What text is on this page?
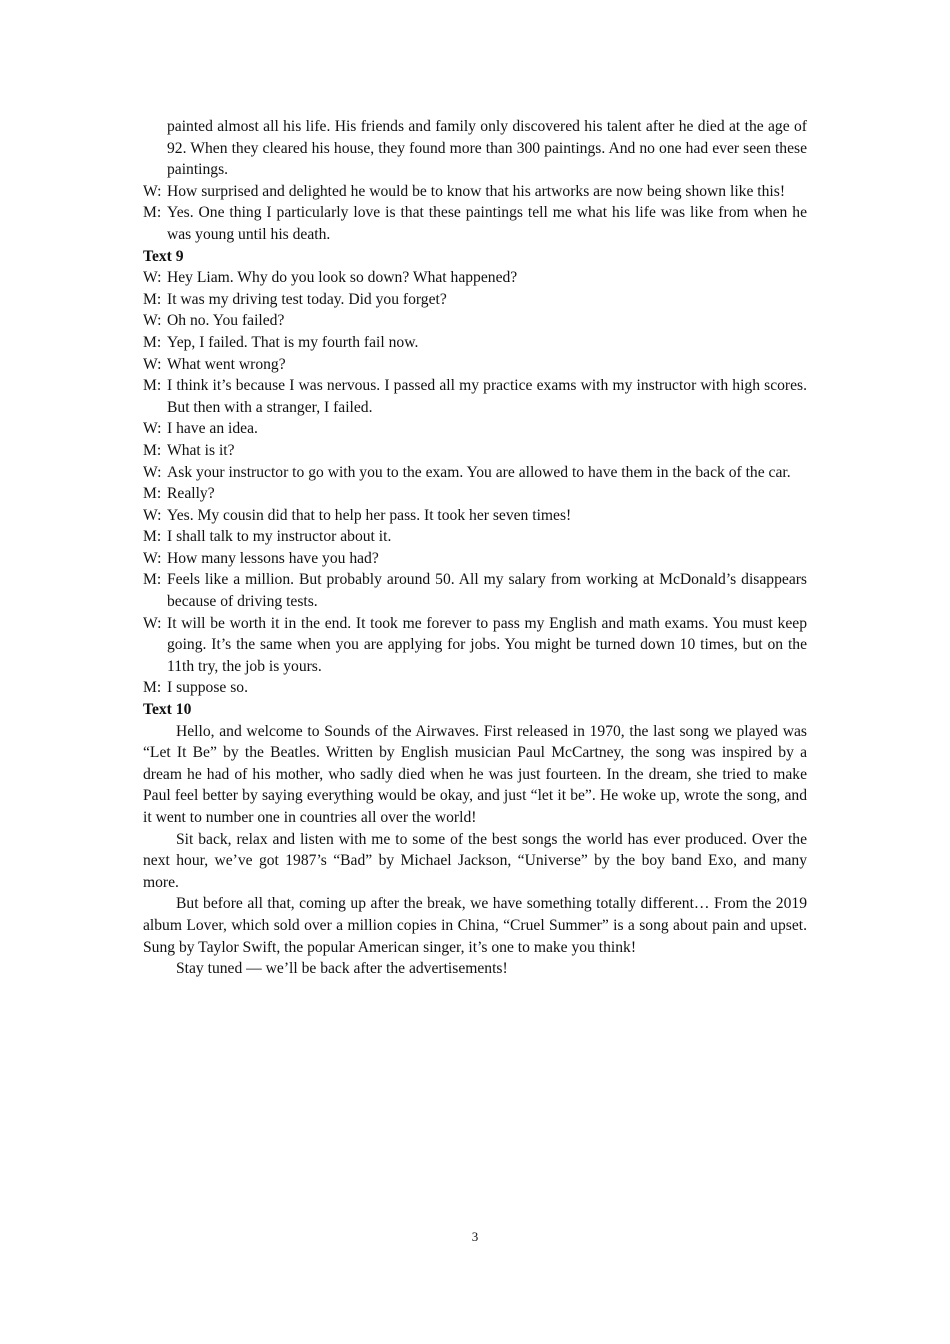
painted almost all his life. His friends and family only discovered his talent after he died at the age of 92. When they cleared his house, they found more than 300 paintings. And no one had ever seen these paintings.
W: How surprised and delighted he would be to know that his artworks are now being shown like this!
M: Yes. One thing I particularly love is that these paintings tell me what his life was like from when he was young until his death.
Text 9
W: Hey Liam. Why do you look so down? What happened?
M: It was my driving test today. Did you forget?
W: Oh no. You failed?
M: Yep, I failed. That is my fourth fail now.
W: What went wrong?
M: I think it’s because I was nervous. I passed all my practice exams with my instructor with high scores. But then with a stranger, I failed.
W: I have an idea.
M: What is it?
W: Ask your instructor to go with you to the exam. You are allowed to have them in the back of the car.
M: Really?
W: Yes. My cousin did that to help her pass. It took her seven times!
M: I shall talk to my instructor about it.
W: How many lessons have you had?
M: Feels like a million. But probably around 50. All my salary from working at McDonald’s disappears because of driving tests.
W: It will be worth it in the end. It took me forever to pass my English and math exams. You must keep going. It’s the same when you are applying for jobs. You might be turned down 10 times, but on the 11th try, the job is yours.
M: I suppose so.
Text 10
Hello, and welcome to Sounds of the Airwaves. First released in 1970, the last song we played was “Let It Be” by the Beatles. Written by English musician Paul McCartney, the song was inspired by a dream he had of his mother, who sadly died when he was just fourteen. In the dream, she tried to make Paul feel better by saying everything would be okay, and just “let it be”. He woke up, wrote the song, and it went to number one in countries all over the world!
Sit back, relax and listen with me to some of the best songs the world has ever produced. Over the next hour, we’ve got 1987’s “Bad” by Michael Jackson, “Universe” by the boy band Exo, and many more.
But before all that, coming up after the break, we have something totally different… From the 2019 album Lover, which sold over a million copies in China, “Cruel Summer” is a song about pain and upset. Sung by Taylor Swift, the popular American singer, it’s one to make you think!
Stay tuned — we’ll be back after the advertisements!
3
